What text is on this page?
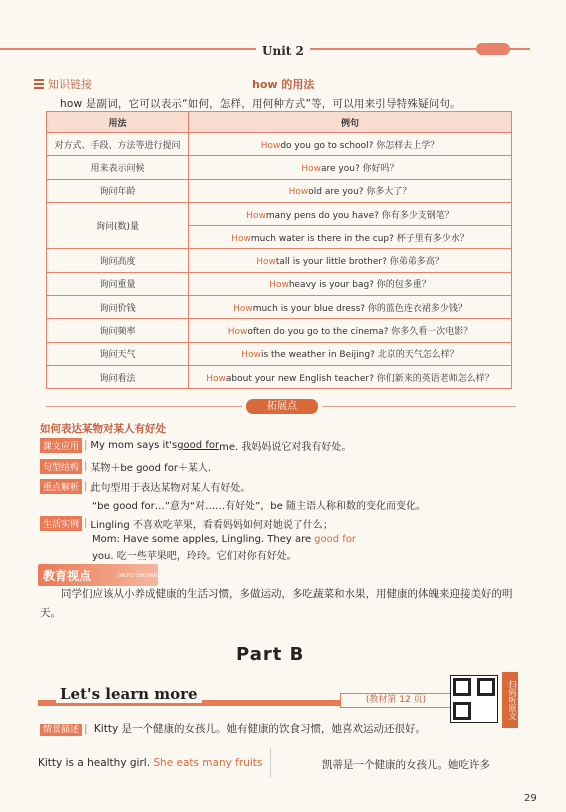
Unit 2
知识链接	how 的用法
how 是副词，它可以表示“如何，怎样，用何种方式”等，可以用来引导特殊疑问句。
用法	例句
对方式、手段、方法等进行提问	Howdo you go to school? 你怎样去上学？
用来表示问候	Howare you? 你好吗？
询问年龄	Howold are you? 你多大了？
询问(数)量	Howmany pens do you have? 你有多少支钢笔？
	Howmuch water is there in the cup? 杯子里有多少水？
询问高度	Howtall is your little brother? 你弟弟多高？
询问重量	Howheavy is your bag? 你的包多重？
询问价钱	Howmuch is your blue dress? 你的蓝色连衣裙多少钱？
询问频率	Howoften do you go to the cinema? 你多久看一次电影？
询问天气	Howis the weather in Beijing? 北京的天气怎么样？
询问看法	Howabout your new English teacher? 你们新来的英语老师怎么样？
拓展点
如何表达某物对某人有好处
课文应用 | My mom says it's good for me. 我妈妈说它对我有好处。
句型结构 | 某物＋be good for＋某人.
重点解析 | 此句型用于表达某物对某人有好处。
“be good for…”意为“对……有好处”，be 随主语人称和数的变化而变化。
生活实例 | Lingling 不喜欢吃苹果，看看妈妈如何对她说了什么；
Mom: Have some apples, Lingling. They are good for
you. 吃一些苹果吧，玲玲。它们对你有好处。
教育视点	JIAOYU SHIDIAN
同学们应该从小养成健康的生活习惯，多做运动，多吃蔬菜和水果，用健康的体魄来迎接美好的明天。
Part B
Let's learn more	(教材第 12 页)	扫码听原文
情景描述 | Kitty 是一个健康的女孩儿。她有健康的饮食习惯，她喜欢运动还很好。
Kitty is a healthy girl. She eats many fruits	凯蒂是一个健康的女孩儿。她吃许多
29
